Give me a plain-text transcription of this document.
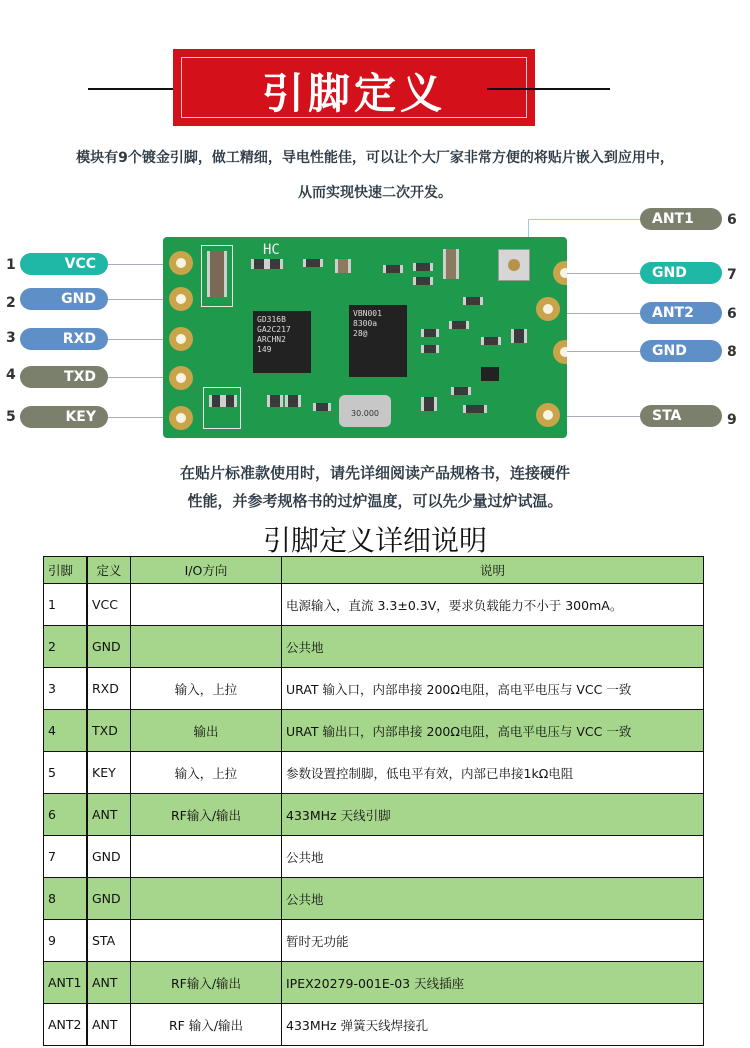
引脚定义
模块有9个镀金引脚，做工精细，导电性能佳，可以让个大厂家非常方便的将贴片嵌入到应用中，
从而实现快速二次开发。
1	VCC
2	GND
3	RXD
4	TXD
5	KEY
ANT1	6
GND	7
ANT2	6
GND	8
STA	9
HC
GD316B
GA2C217
ARCHN2
149
VBN001
8300a
28@
30.000
在贴片标准款使用时，请先详细阅读产品规格书，连接硬件
性能，并参考规格书的过炉温度，可以先少量过炉试温。
引脚定义详细说明
引脚	定义	I/O方向	说明
1	VCC		电源输入，直流 3.3±0.3V，要求负载能力不小于 300mA。
2	GND		公共地
3	RXD	输入，上拉	URAT 输入口，内部串接 200Ω电阻，高电平电压与 VCC 一致
4	TXD	输出	URAT 输出口，内部串接 200Ω电阻，高电平电压与 VCC 一致
5	KEY	输入，上拉	参数设置控制脚，低电平有效，内部已串接1kΩ电阻
6	ANT	RF输入/输出	433MHz 天线引脚
7	GND		公共地
8	GND		公共地
9	STA		暂时无功能
ANT1	ANT	RF输入/输出	IPEX20279-001E-03 天线插座
ANT2	ANT	RF 输入/输出	433MHz 弹簧天线焊接孔
